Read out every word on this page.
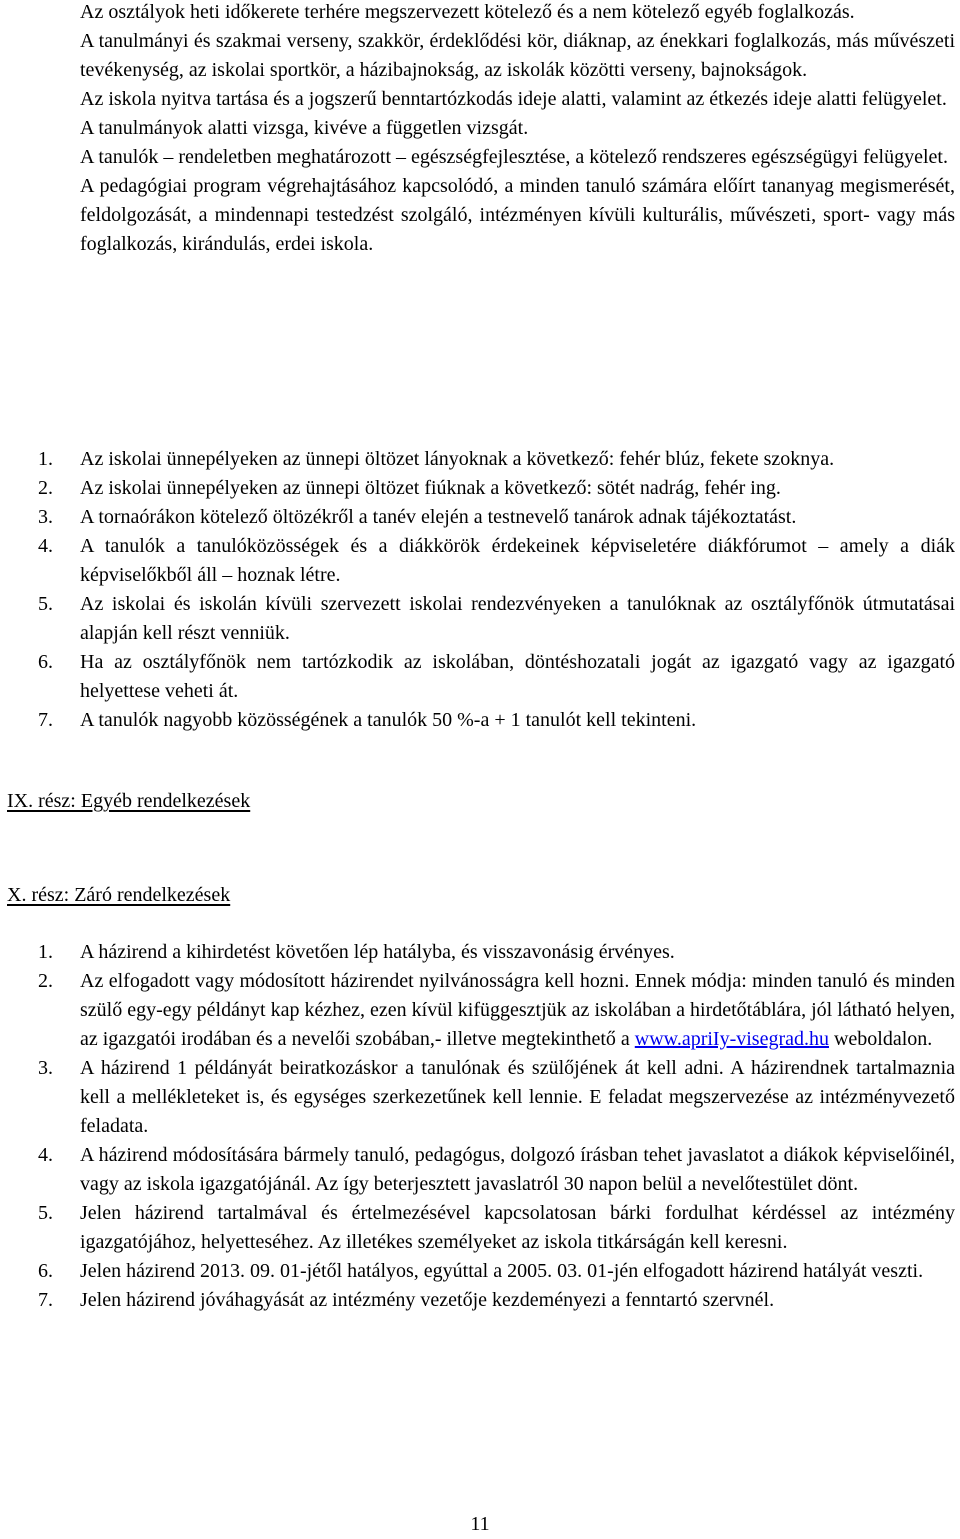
Az osztályok heti időkerete terhére megszervezett kötelező és a nem kötelező egyéb foglalkozás.

A tanulmányi és szakmai verseny, szakkör, érdeklődési kör, diáknap, az énekkari foglalkozás, más művészeti tevékenység, az iskolai sportkör, a házibajnokság, az iskolák közötti verseny, bajnokságok.

Az iskola nyitva tartása és a jogszerű benntartózkodás ideje alatti, valamint az étkezés ideje alatti felügyelet.

A tanulmányok alatti vizsga, kivéve a független vizsgát.

A tanulók – rendeletben meghatározott – egészségfejlesztése, a kötelező rendszeres egészségügyi felügyelet.

A pedagógiai program végrehajtásához kapcsolódó, a minden tanuló számára előírt tananyag megismerését, feldolgozását, a mindennapi testedzést szolgáló, intézményen kívüli kulturális, művészeti, sport- vagy más foglalkozás, kirándulás, erdei iskola.

IX. rész: Egyéb rendelkezések
1. Az iskolai ünnepélyeken az ünnepi öltözet lányoknak a következő: fehér blúz, fekete szoknya.
2. Az iskolai ünnepélyeken az ünnepi öltözet fiúknak a következő: sötét nadrág, fehér ing.
3. A tornaórákon kötelező öltözékről a tanév elején a testnevelő tanárok adnak tájékoztatást.
4. A tanulók a tanulóközösségek és a diákkörök érdekeinek képviseletére diákfórumot – amely a diák képviselőkből áll – hoznak létre.
5. Az iskolai és iskolán kívüli szervezett iskolai rendezvényeken a tanulóknak az osztályfőnök útmutatásai alapján kell részt venniük.
6. Ha az osztályfőnök nem tartózkodik az iskolában, döntéshozatali jogát az igazgató vagy az igazgató helyettese veheti át.
7. A tanulók nagyobb közösségének a tanulók 50 %-a + 1 tanulót kell tekinteni.
X. rész: Záró rendelkezések
1. A házirend a kihirdetést követően lép hatályba, és visszavonásig érvényes.
2. Az elfogadott vagy módosított házirendet nyilvánosságra kell hozni. Ennek módja: minden tanuló és minden szülő egy-egy példányt kap kézhez, ezen kívül kifüggesztjük az iskolában a hirdetőtáblára, jól látható helyen, az igazgatói irodában és a nevelői szobában,- illetve megtekinthető a www.apriIy-visegrad.hu weboldalon.
3. A házirend 1 példányát beiratkozáskor a tanulónak és szülőjének át kell adni. A házirendnek tartalmaznia kell a mellékleteket is, és egységes szerkezetűnek kell lennie. E feladat megszervezése az intézményvezető feladata.
4. A házirend módosítására bármely tanuló, pedagógus, dolgozó írásban tehet javaslatot a diákok képviselőinél, vagy az iskola igazgatójánál. Az így beterjesztett javaslatról 30 napon belül a nevelőtestület dönt.
5. Jelen házirend tartalmával és értelmezésével kapcsolatosan bárki fordulhat kérdéssel az intézmény igazgatójához, helyetteséhez. Az illetékes személyeket az iskola titkárságán kell keresni.
6. Jelen házirend 2013. 09. 01-jétől hatályos, egyúttal a 2005. 03. 01-jén elfogadott házirend hatályát veszti.
7. Jelen házirend jóváhagyását az intézmény vezetője kezdeményezi a fenntartó szervnél.
11
